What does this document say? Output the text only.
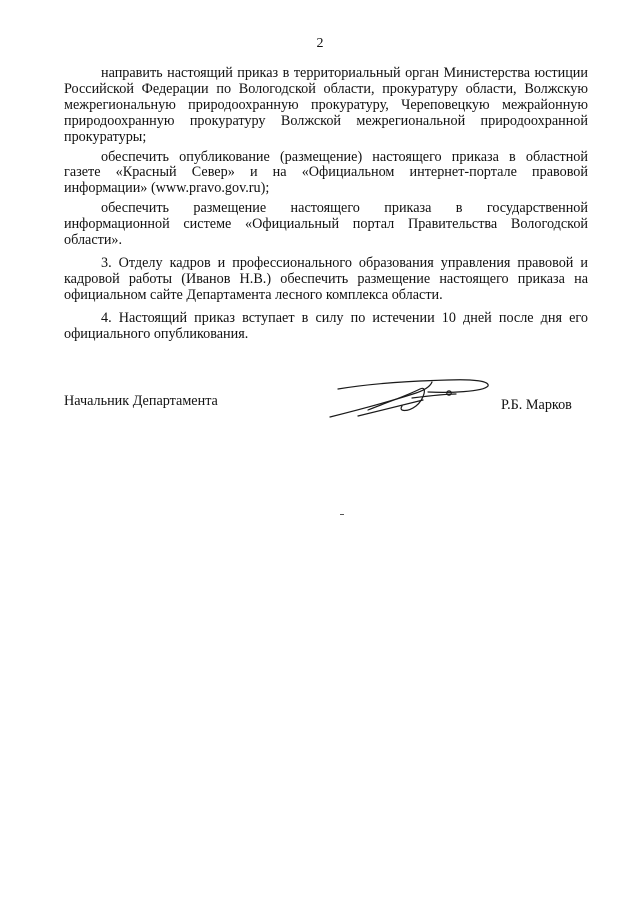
2

направить настоящий приказ в территориальный орган Министерства юстиции Российской Федерации по Вологодской области, прокуратуру области, Волжскую межрегиональную природоохранную прокуратуру, Череповецкую межрайонную природоохранную прокуратуру Волжской межрегиональной природоохранной прокуратуры;

обеспечить опубликование (размещение) настоящего приказа в областной газете «Красный Север» и на «Официальном интернет-портале правовой информации» (www.pravo.gov.ru);

обеспечить размещение настоящего приказа в государственной информационной системе «Официальный портал Правительства Вологодской области».

3. Отделу кадров и профессионального образования управления правовой и кадровой работы (Иванов Н.В.) обеспечить размещение настоящего приказа на официальном сайте Департамента лесного комплекса области.

4. Настоящий приказ вступает в силу по истечении 10 дней после дня его официального опубликования.

Начальник Департамента	Р.Б. Марков
